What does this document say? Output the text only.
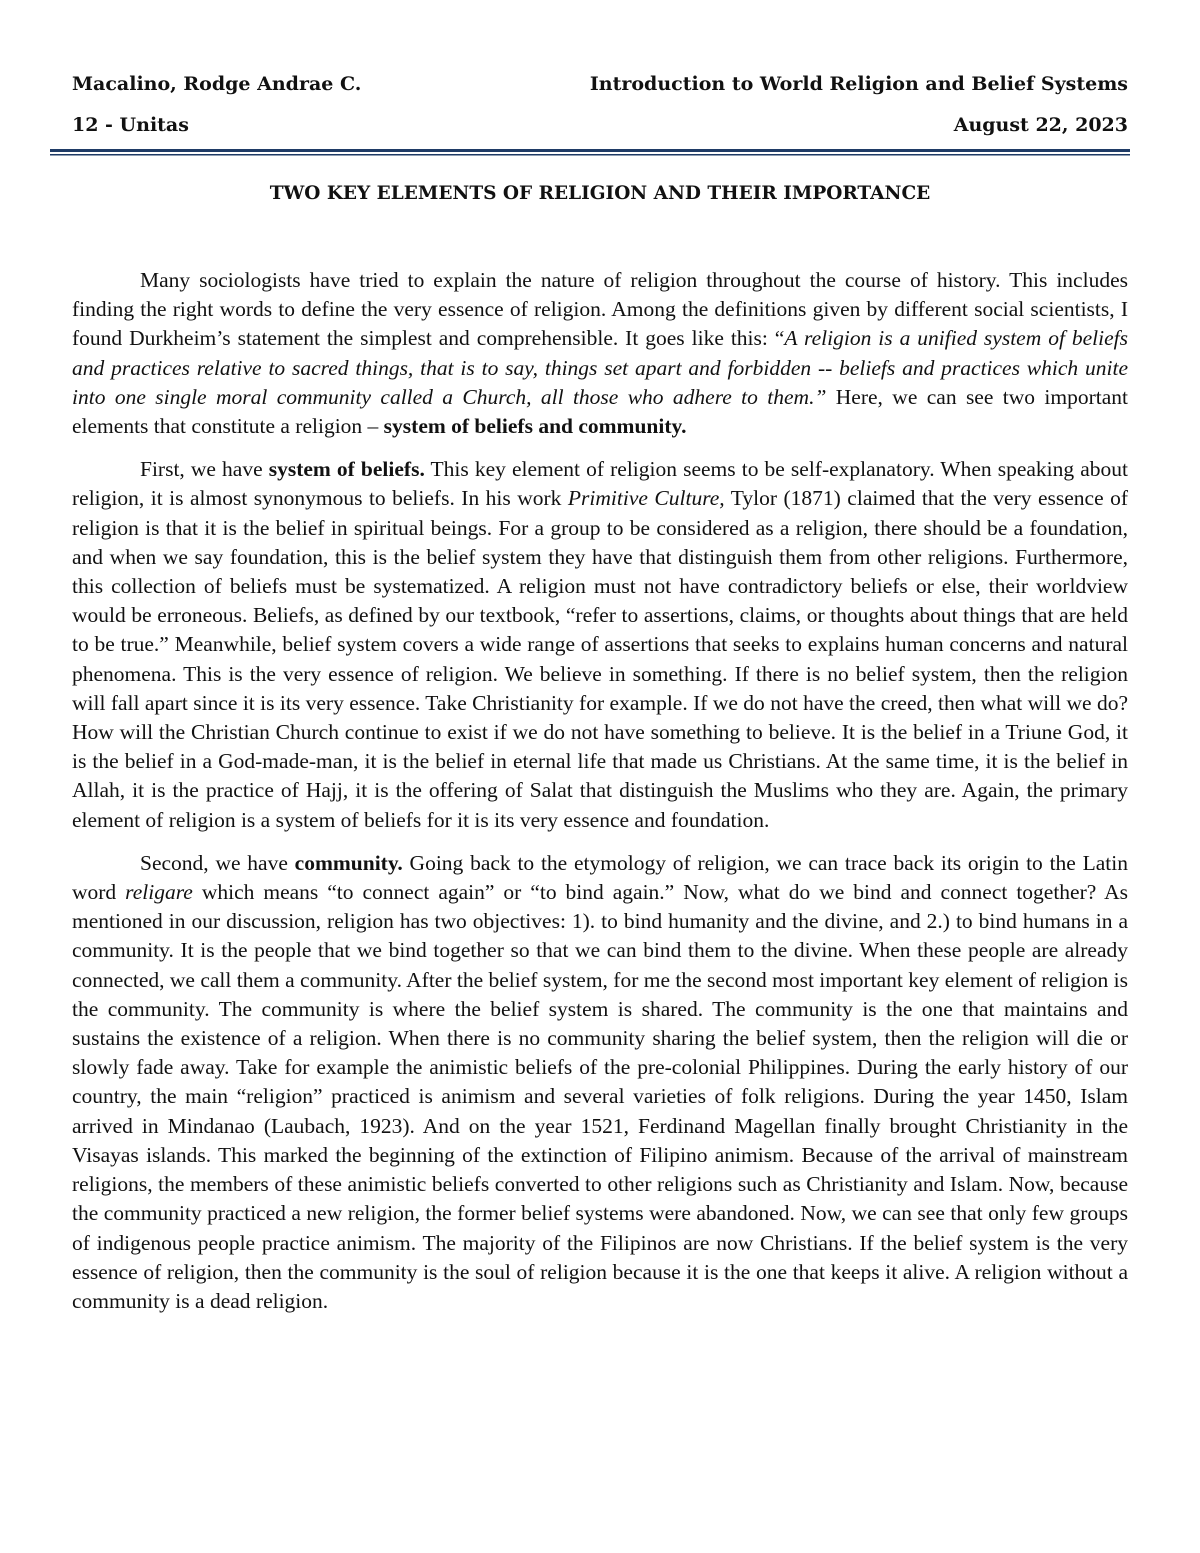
Macalino, Rodge Andrae C.	Introduction to World Religion and Belief Systems
12 - Unitas	August 22, 2023
TWO KEY ELEMENTS OF RELIGION AND THEIR IMPORTANCE

Many sociologists have tried to explain the nature of religion throughout the course of history. This includes finding the right words to define the very essence of religion. Among the definitions given by different social scientists, I found Durkheim’s statement the simplest and comprehensible. It goes like this: “A religion is a unified system of beliefs and practices relative to sacred things, that is to say, things set apart and forbidden -- beliefs and practices which unite into one single moral community called a Church, all those who adhere to them.” Here, we can see two important elements that constitute a religion – system of beliefs and community.

First, we have system of beliefs. This key element of religion seems to be self-explanatory. When speaking about religion, it is almost synonymous to beliefs. In his work Primitive Culture, Tylor (1871) claimed that the very essence of religion is that it is the belief in spiritual beings. For a group to be considered as a religion, there should be a foundation, and when we say foundation, this is the belief system they have that distinguish them from other religions. Furthermore, this collection of beliefs must be systematized. A religion must not have contradictory beliefs or else, their worldview would be erroneous. Beliefs, as defined by our textbook, “refer to assertions, claims, or thoughts about things that are held to be true.” Meanwhile, belief system covers a wide range of assertions that seeks to explains human concerns and natural phenomena. This is the very essence of religion. We believe in something. If there is no belief system, then the religion will fall apart since it is its very essence. Take Christianity for example. If we do not have the creed, then what will we do? How will the Christian Church continue to exist if we do not have something to believe. It is the belief in a Triune God, it is the belief in a God-made-man, it is the belief in eternal life that made us Christians. At the same time, it is the belief in Allah, it is the practice of Hajj, it is the offering of Salat that distinguish the Muslims who they are. Again, the primary element of religion is a system of beliefs for it is its very essence and foundation.

Second, we have community. Going back to the etymology of religion, we can trace back its origin to the Latin word religare which means “to connect again” or “to bind again.” Now, what do we bind and connect together? As mentioned in our discussion, religion has two objectives: 1). to bind humanity and the divine, and 2.) to bind humans in a community. It is the people that we bind together so that we can bind them to the divine. When these people are already connected, we call them a community. After the belief system, for me the second most important key element of religion is the community. The community is where the belief system is shared. The community is the one that maintains and sustains the existence of a religion. When there is no community sharing the belief system, then the religion will die or slowly fade away. Take for example the animistic beliefs of the pre-colonial Philippines. During the early history of our country, the main “religion” practiced is animism and several varieties of folk religions. During the year 1450, Islam arrived in Mindanao (Laubach, 1923). And on the year 1521, Ferdinand Magellan finally brought Christianity in the Visayas islands. This marked the beginning of the extinction of Filipino animism. Because of the arrival of mainstream religions, the members of these animistic beliefs converted to other religions such as Christianity and Islam. Now, because the community practiced a new religion, the former belief systems were abandoned. Now, we can see that only few groups of indigenous people practice animism. The majority of the Filipinos are now Christians. If the belief system is the very essence of religion, then the community is the soul of religion because it is the one that keeps it alive. A religion without a community is a dead religion.
